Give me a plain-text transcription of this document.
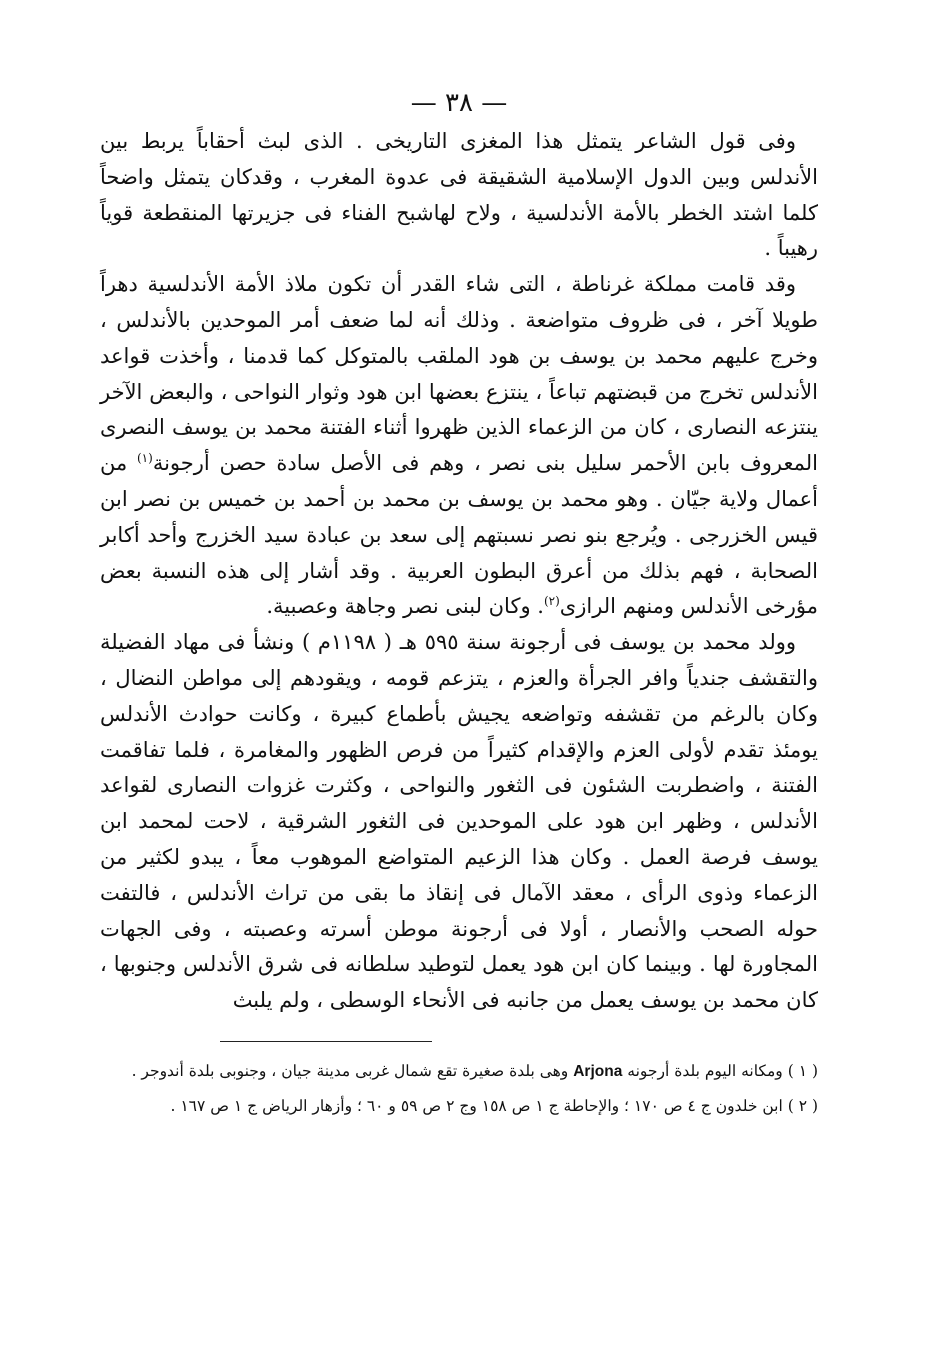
— ٣٨ —

وفى قول الشاعر يتمثل هذا المغزى التاريخى . الذى لبث أحقاباً يربط بين الأندلس وبين الدول الإسلامية الشقيقة فى عدوة المغرب ، وقدكان يتمثل واضحاً كلما اشتد الخطر بالأمة الأندلسية ، ولاح لهاشبح الفناء فى جزيرتها المنقطعة قوياً رهيباً .

وقد قامت مملكة غرناطة ، التى شاء القدر أن تكون ملاذ الأمة الأندلسية دهراً طويلا آخر ، فى ظروف متواضعة . وذلك أنه لما ضعف أمر الموحدين بالأندلس ، وخرج عليهم محمد بن يوسف بن هود الملقب بالمتوكل كما قدمنا ، وأخذت قواعد الأندلس تخرج من قبضتهم تباعاً ، ينتزع بعضها ابن هود وثوار النواحى ، والبعض الآخر ينتزعه النصارى ، كان من الزعماء الذين ظهروا أثناء الفتنة محمد بن يوسف النصرى المعروف بابن الأحمر سليل بنى نصر ، وهم فى الأصل سادة حصن أرجونة$^{(١)}$ من أعمال ولاية جيّان . وهو محمد بن يوسف بن محمد بن أحمد بن خميس بن نصر ابن قيس الخزرجى . ويُرجع بنو نصر نسبتهم إلى سعد بن عبادة سيد الخزرج وأحد أكابر الصحابة ، فهم بذلك من أعرق البطون العربية . وقد أشار إلى هذه النسبة بعض مؤرخى الأندلس ومنهم الرازى$^{(٢)}$. وكان لبنى نصر وجاهة وعصبية.

وولد محمد بن يوسف فى أرجونة سنة ٥٩٥ هـ ( ١١٩٨م ) ونشأ فى مهاد الفضيلة والتقشف جندياً وافر الجرأة والعزم ، يتزعم قومه ، ويقودهم إلى مواطن النضال ، وكان بالرغم من تقشفه وتواضعه يجيش بأطماع كبيرة ، وكانت حوادث الأندلس يومئذ تقدم لأولى العزم والإقدام كثيراً من فرص الظهور والمغامرة ، فلما تفاقمت الفتنة ، واضطربت الشئون فى الثغور والنواحى ، وكثرت غزوات النصارى لقواعد الأندلس ، وظهر ابن هود على الموحدين فى الثغور الشرقية ، لاحت لمحمد ابن يوسف فرصة العمل . وكان هذا الزعيم المتواضع الموهوب معاً ، يبدو لكثير من الزعماء وذوى الرأى ، معقد الآمال فى إنقاذ ما بقى من تراث الأندلس ، فالتفت حوله الصحب والأنصار ، أولا فى أرجونة موطن أسرته وعصبته ، وفى الجهات المجاورة لها . وبينما كان ابن هود يعمل لتوطيد سلطانه فى شرق الأندلس وجنوبها ، كان محمد بن يوسف يعمل من جانبه فى الأنحاء الوسطى ، ولم يلبث

( ١ ) ومكانه اليوم بلدة أرجونه Arjona وهى بلدة صغيرة تقع شمال غربى مدينة جيان ، وجنوبى بلدة أندوجر .

( ٢ ) ابن خلدون ج ٤ ص ١٧٠ ؛ والإحاطة ج ١ ص ١٥٨ وج ٢ ص ٥٩ و ٦٠ ؛ وأزهار الرياض ج ١ ص ١٦٧ .
